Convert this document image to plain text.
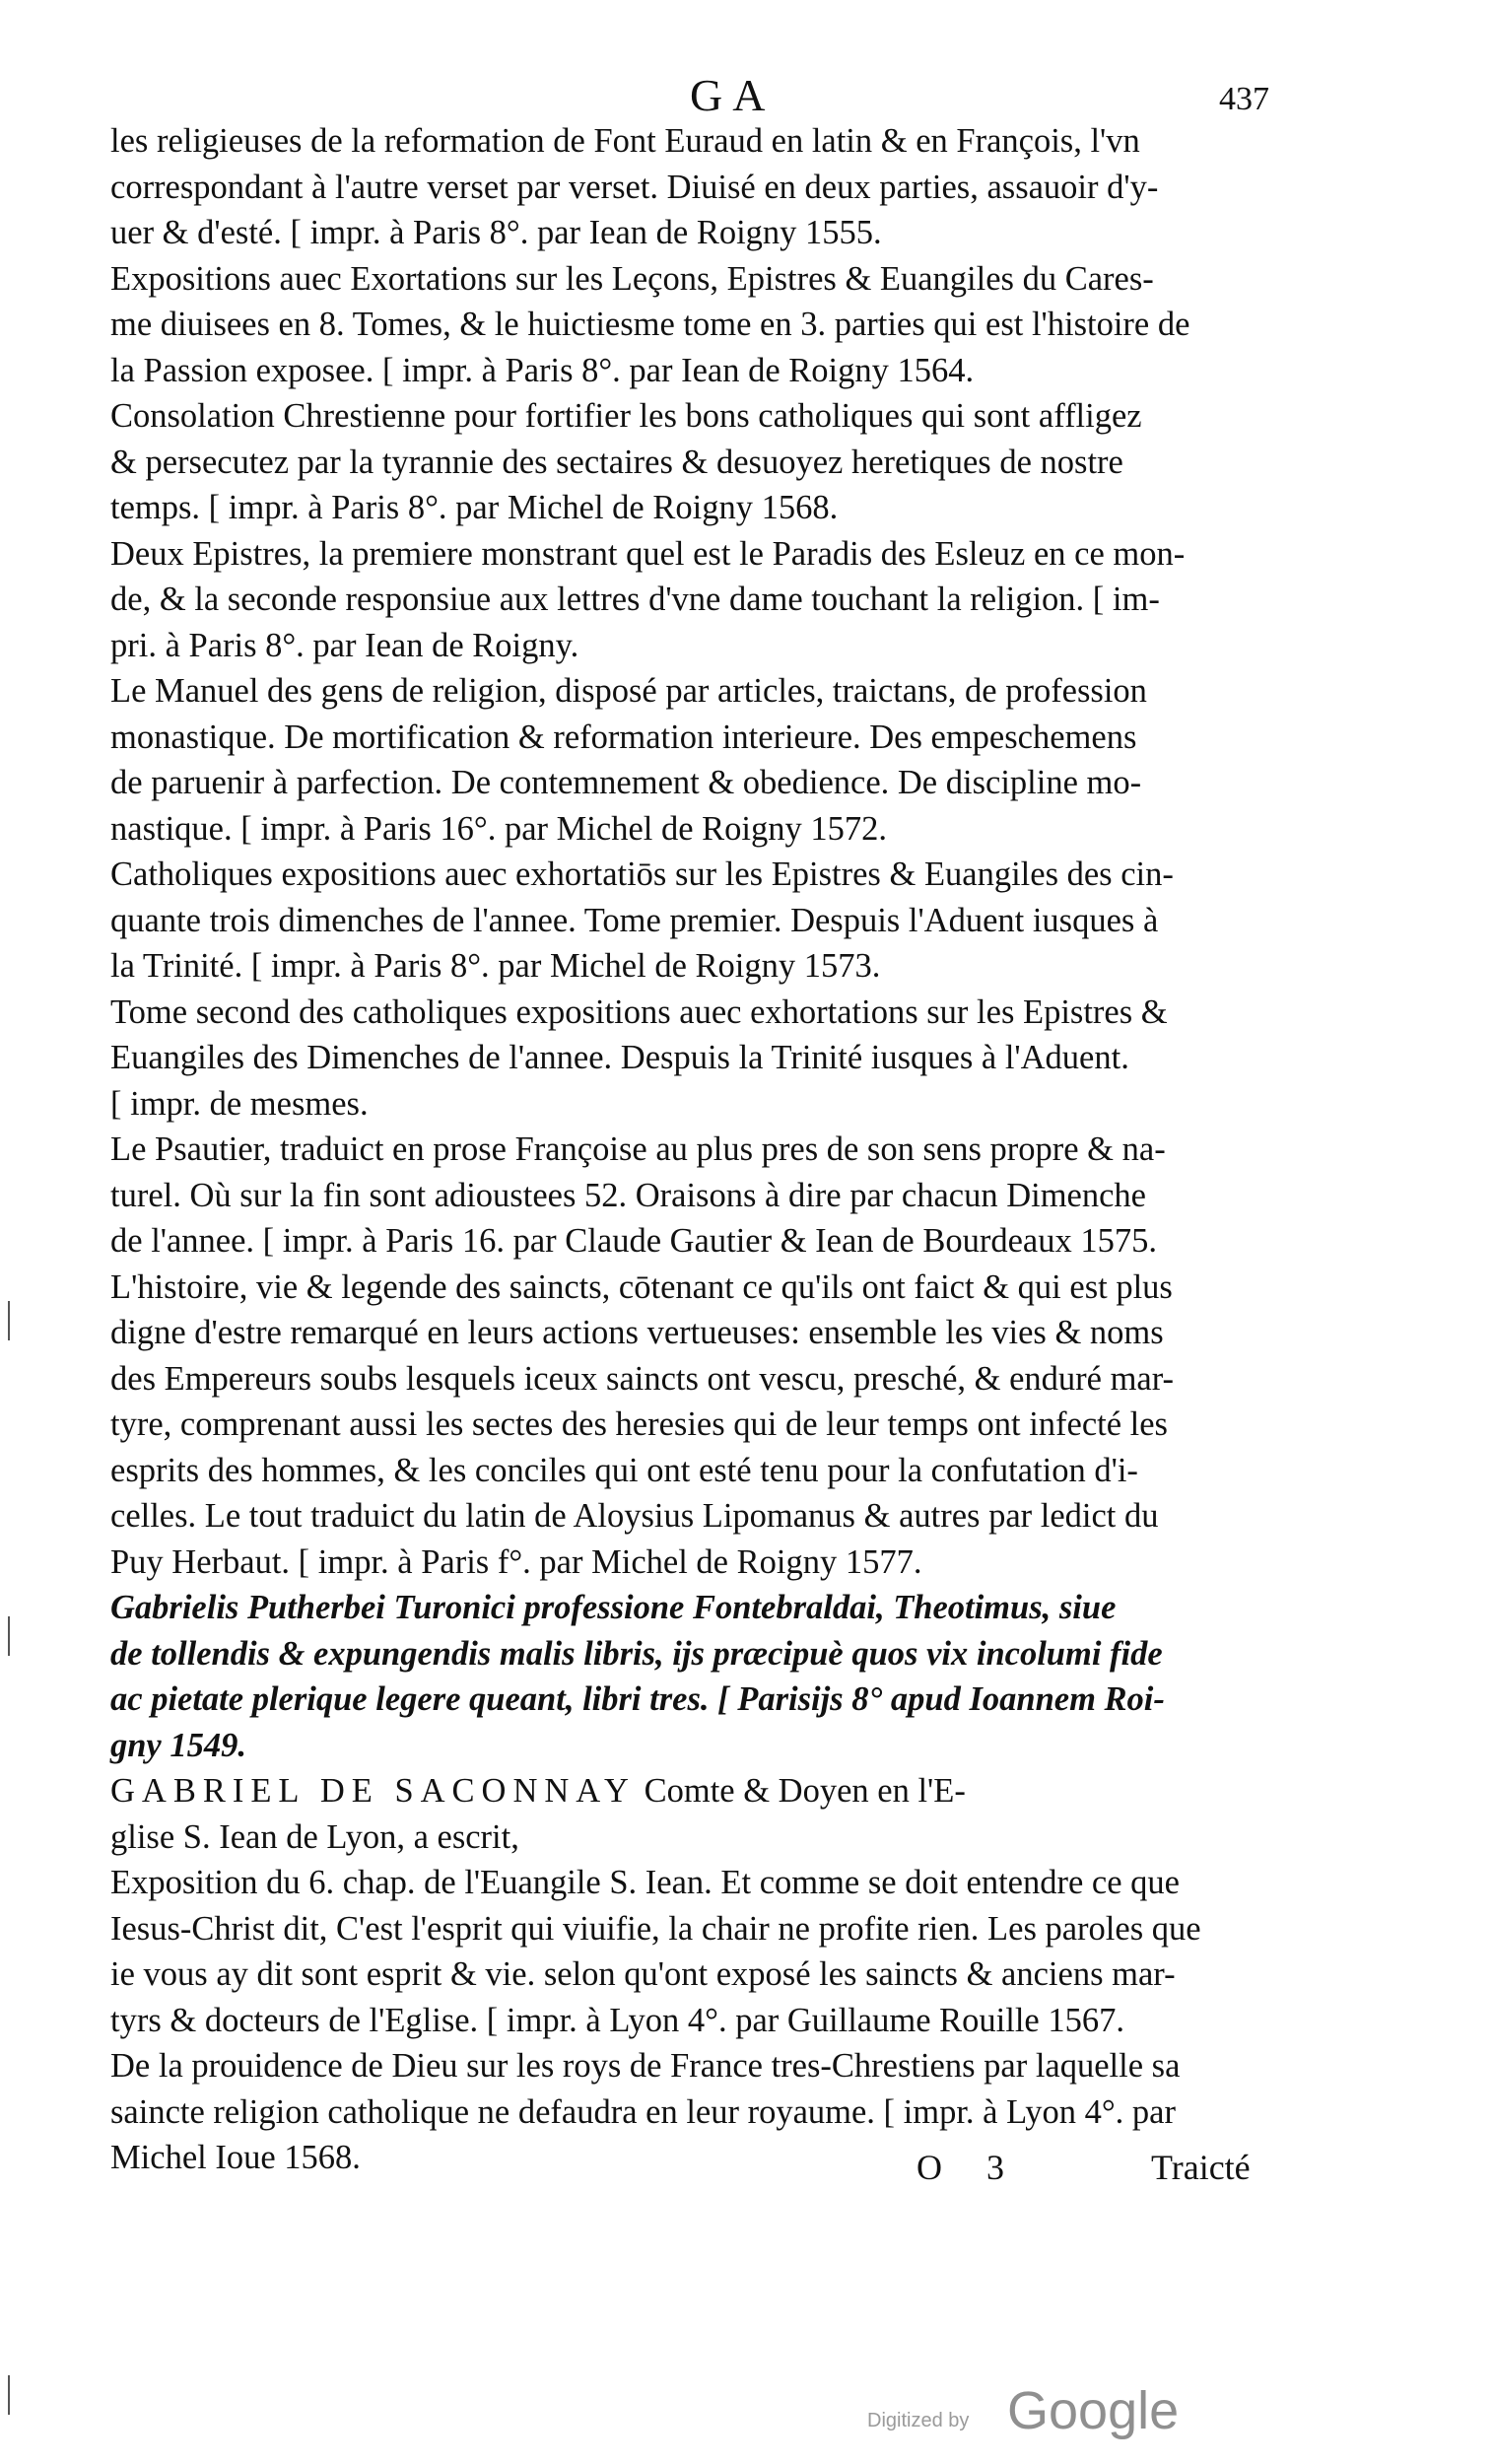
GA	437
les religieuses de la reformation de Font Euraud en latin & en François, l'vn
correspondant à l'autre verset par verset. Diuisé en deux parties, assauoir d'y-
uer & d'esté. [ impr. à Paris 8°. par Iean de Roigny 1555.
Expositions auec Exortations sur les Leçons, Epistres & Euangiles du Cares-
me diuisees en 8. Tomes, & le huictiesme tome en 3. parties qui est l'histoire de
la Passion exposee. [ impr. à Paris 8°. par Iean de Roigny 1564.
Consolation Chrestienne pour fortifier les bons catholiques qui sont affligez
& persecutez par la tyrannie des sectaires & desuoyez heretiques de nostre
temps. [ impr. à Paris 8°. par Michel de Roigny 1568.
Deux Epistres, la premiere monstrant quel est le Paradis des Esleuz en ce mon-
de, & la seconde responsiue aux lettres d'vne dame touchant la religion. [ im-
pri. à Paris 8°. par Iean de Roigny.
Le Manuel des gens de religion, disposé par articles, traictans, de profession
monastique. De mortification & reformation interieure. Des empeschemens
de paruenir à parfection. De contemnement & obedience. De discipline mo-
nastique. [ impr. à Paris 16°. par Michel de Roigny 1572.
Catholiques expositions auec exhortatiōs sur les Epistres & Euangiles des cin-
quante trois dimenches de l'annee. Tome premier. Despuis l'Aduent iusques à
la Trinité. [ impr. à Paris 8°. par Michel de Roigny 1573.
Tome second des catholiques expositions auec exhortations sur les Epistres &
Euangiles des Dimenches de l'annee. Despuis la Trinité iusques à l'Aduent.
[ impr. de mesmes.
Le Psautier, traduict en prose Françoise au plus pres de son sens propre & na-
turel. Où sur la fin sont adioustees 52. Oraisons à dire par chacun Dimenche
de l'annee. [ impr. à Paris 16. par Claude Gautier & Iean de Bourdeaux 1575.
L'histoire, vie & legende des saincts, cōtenant ce qu'ils ont faict & qui est plus
digne d'estre remarqué en leurs actions vertueuses: ensemble les vies & noms
des Empereurs soubs lesquels iceux saincts ont vescu, presché, & enduré mar-
tyre, comprenant aussi les sectes des heresies qui de leur temps ont infecté les
esprits des hommes, & les conciles qui ont esté tenu pour la confutation d'i-
celles. Le tout traduict du latin de Aloysius Lipomanus & autres par ledict du
Puy Herbaut. [ impr. à Paris f°. par Michel de Roigny 1577.
Gabrielis Putherbei Turonici professione Fontebraldai, Theotimus, siue
de tollendis & expungendis malis libris, ijs præcipuè quos vix incolumi fide
ac pietate plerique legere queant, libri tres. [ Parisijs 8° apud Ioannem Roi-
gny 1549.
GABRIEL DE SACONNAY Comte & Doyen en l'E-
glise S. Iean de Lyon, a escrit,
Exposition du 6. chap. de l'Euangile S. Iean. Et comme se doit entendre ce que
Iesus-Christ dit, C'est l'esprit qui viuifie, la chair ne profite rien. Les paroles que
ie vous ay dit sont esprit & vie. selon qu'ont exposé les saincts & anciens mar-
tyrs & docteurs de l'Eglise. [ impr. à Lyon 4°. par Guillaume Rouille 1567.
De la prouidence de Dieu sur les roys de France tres-Chrestiens par laquelle sa
saincte religion catholique ne defaudra en leur royaume. [ impr. à Lyon 4°. par
Michel Ioue 1568.	O 3	Traicté
Digitized by Google
